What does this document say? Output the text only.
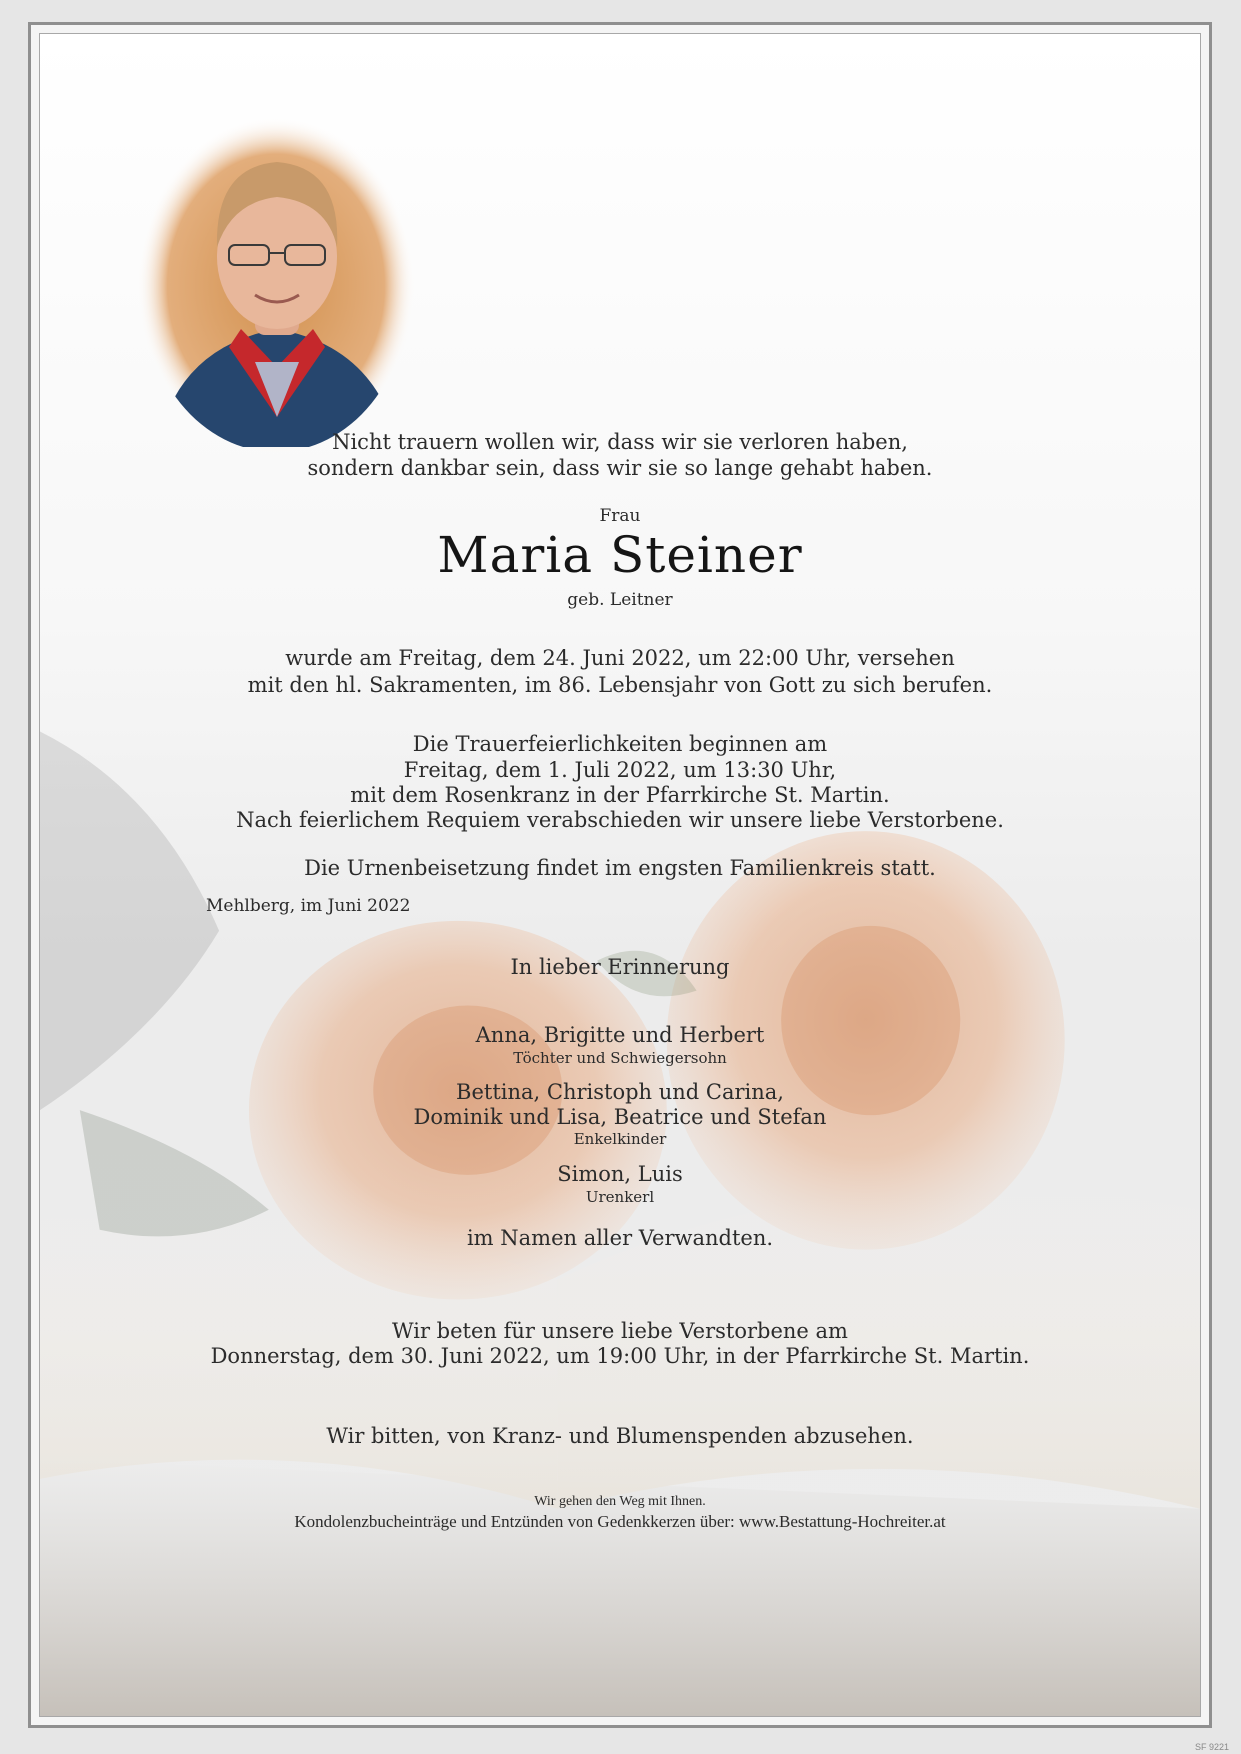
Nicht trauern wollen wir, dass wir sie verloren haben,
sondern dankbar sein, dass wir sie so lange gehabt haben.
Frau
Maria Steiner
geb. Leitner
wurde am Freitag, dem 24. Juni 2022, um 22:00 Uhr, versehen
mit den hl. Sakramenten, im 86. Lebensjahr von Gott zu sich berufen.
Die Trauerfeierlichkeiten beginnen am
Freitag, dem 1. Juli 2022, um 13:30 Uhr,
mit dem Rosenkranz in der Pfarrkirche St. Martin.
Nach feierlichem Requiem verabschieden wir unsere liebe Verstorbene.
Die Urnenbeisetzung findet im engsten Familienkreis statt.
Mehlberg, im Juni 2022
In lieber Erinnerung
Anna, Brigitte und Herbert
Töchter und Schwiegersohn
Bettina, Christoph und Carina,
Dominik und Lisa, Beatrice und Stefan
Enkelkinder
Simon, Luis
Urenkerl
im Namen aller Verwandten.
Wir beten für unsere liebe Verstorbene am
Donnerstag, dem 30. Juni 2022, um 19:00 Uhr, in der Pfarrkirche St. Martin.
Wir bitten, von Kranz- und Blumenspenden abzusehen.
Wir gehen den Weg mit Ihnen.
Kondolenzbucheinträge und Entzünden von Gedenkkerzen über: www.Bestattung-Hochreiter.at
SF 9221
